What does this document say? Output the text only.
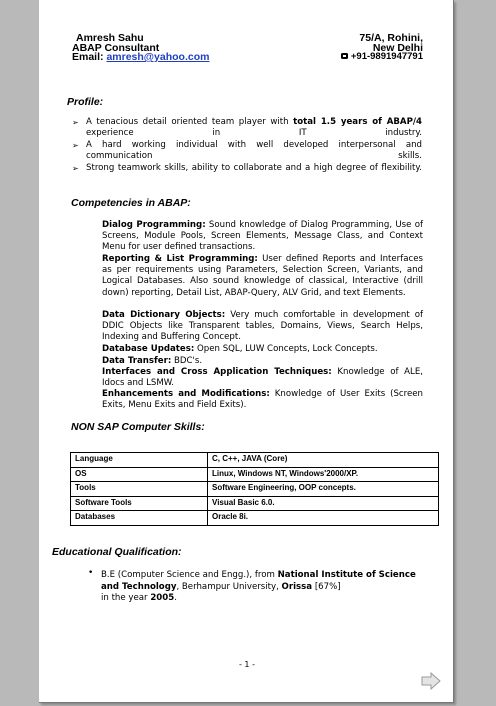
Amresh Sahu
ABAP Consultant
Email: amresh@yahoo.com
75/A, Rohini,
New Delhi
+91-9891947791
Profile:
➢ A tenacious detail oriented team player with total 1.5 years of ABAP/4 experience in IT industry.
➢ A hard working individual with well developed interpersonal and communication skills.
➢ Strong teamwork skills, ability to collaborate and a high degree of flexibility.
Competencies in ABAP:
Dialog Programming: Sound knowledge of Dialog Programming, Use of Screens, Module Pools, Screen Elements, Message Class, and Context Menu for user defined transactions.
Reporting & List Programming: User defined Reports and Interfaces as per requirements using Parameters, Selection Screen, Variants, and Logical Databases. Also sound knowledge of classical, Interactive (drill down) reporting, Detail List, ABAP-Query, ALV Grid, and text Elements.
Data Dictionary Objects: Very much comfortable in development of DDIC Objects like Transparent tables, Domains, Views, Search Helps, Indexing and Buffering Concept.
Database Updates: Open SQL, LUW Concepts, Lock Concepts.
Data Transfer: BDC's.
Interfaces and Cross Application Techniques: Knowledge of ALE, Idocs and LSMW.
Enhancements and Modifications: Knowledge of User Exits (Screen Exits, Menu Exits and Field Exits).
NON SAP Computer Skills:
Language	C, C++, JAVA (Core)
OS	Linux, Windows NT, Windows'2000/XP.
Tools	Software Engineering, OOP concepts.
Software Tools	Visual Basic 6.0.
Databases	Oracle 8i.
Educational Qualification:
• B.E (Computer Science and Engg.), from National Institute of Science and Technology, Berhampur University, Orissa [67%]
in the year 2005.
- 1 -
